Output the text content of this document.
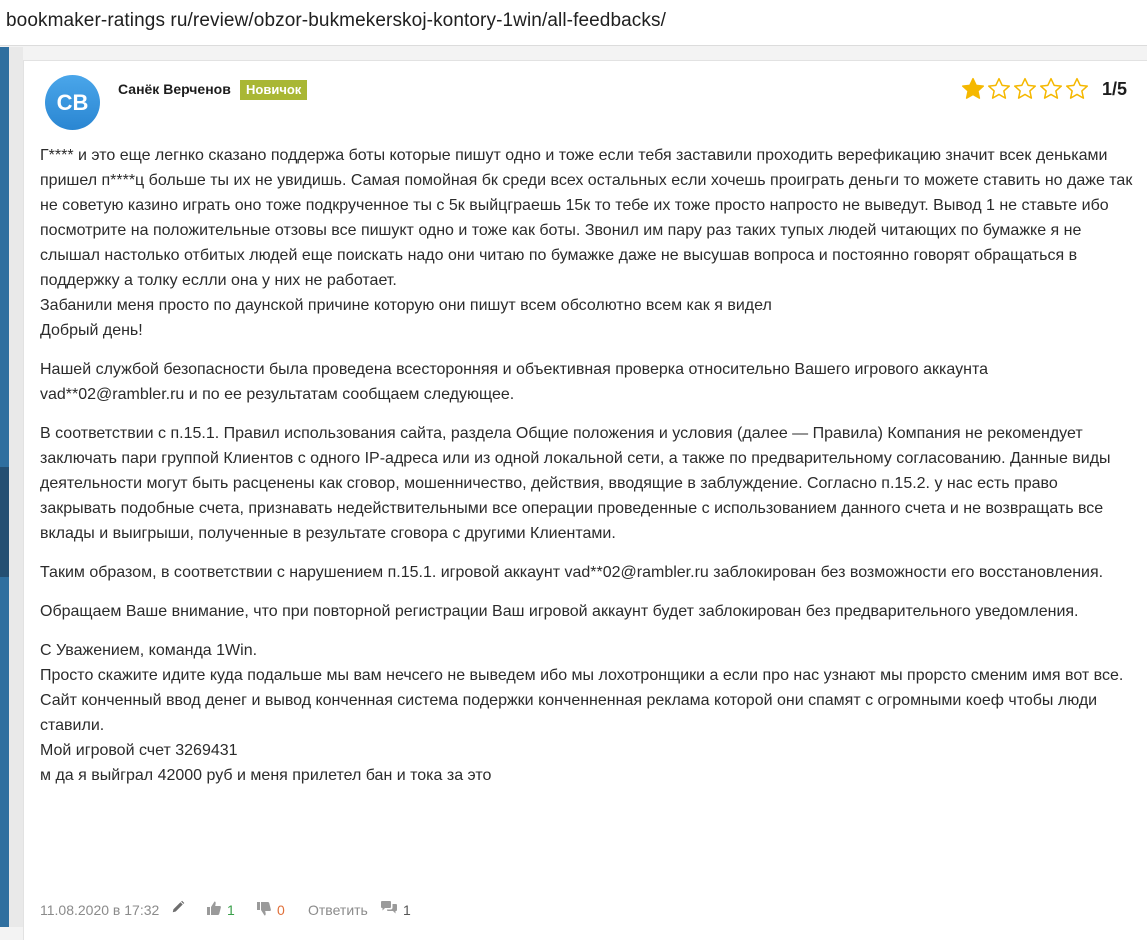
bookmaker-ratings ru/review/obzor-bukmekerskoj-kontory-1win/all-feedbacks/
СВ
Санёк Верченов	Новичок	1/5

Г**** и это еще легнко сказано поддержа боты которые пишут одно и тоже если тебя заставили проходить верефикацию значит всек деньками пришел п****ц больше ты их не увидишь. Самая помойная бк среди всех остальных если хочешь проиграть деньги то можете ставить но даже так не советую казино играть оно тоже подкрученное ты с 5к выйцграешь 15к то тебе их тоже просто напросто не выведут. Вывод 1 не ставьте ибо посмотрите на положительные отзовы все пишукт одно и тоже как боты. Звонил им пару раз таких тупых людей читающих по бумажке я не слышал настолько отбитых людей еще поискать надо они читаю по бумажке даже не высушав вопроса и постоянно говорят обращаться в поддержку а толку еслли она у них не работает.

Забанили меня просто по даунской причине которую они пишут всем обсолютно всем как я видел

Добрый день!

Нашей службой безопасности была проведена всесторонняя и объективная проверка относительно Вашего игрового аккаунта vad**02@rambler.ru и по ее результатам сообщаем следующее.

В соответствии с п.15.1. Правил использования сайта, раздела Общие положения и условия (далее — Правила) Компания не рекомендует заключать пари группой Клиентов с одного IP-адреса или из одной локальной сети, а также по предварительному согласованию. Данные виды деятельности могут быть расценены как сговор, мошенничество, действия, вводящие в заблуждение. Согласно п.15.2. у нас есть право закрывать подобные счета, признавать недействительными все операции проведенные с использованием данного счета и не возвращать все вклады и выигрыши, полученные в результате сговора с другими Клиентами.

Таким образом, в соответствии с нарушением п.15.1. игровой аккаунт vad**02@rambler.ru заблокирован без возможности его восстановления.

Обращаем Ваше внимание, что при повторной регистрации Ваш игровой аккаунт будет заблокирован без предварительного уведомления.

С Уважением, команда 1Win.

Просто скажите идите куда подальше мы вам нечсего не выведем ибо мы лохотронщики а если про нас узнают мы прорсто сменим имя вот все.

Сайт конченный ввод денег и вывод конченная система подержки конченненная реклама которой они спамят с огромными коеф чтобы люди ставили.

Мой игровой счет 3269431

м да я выйграл 42000 руб и меня прилетел бан и тока за это

11.08.2020 в 17:32	1	0 Ответить	1
